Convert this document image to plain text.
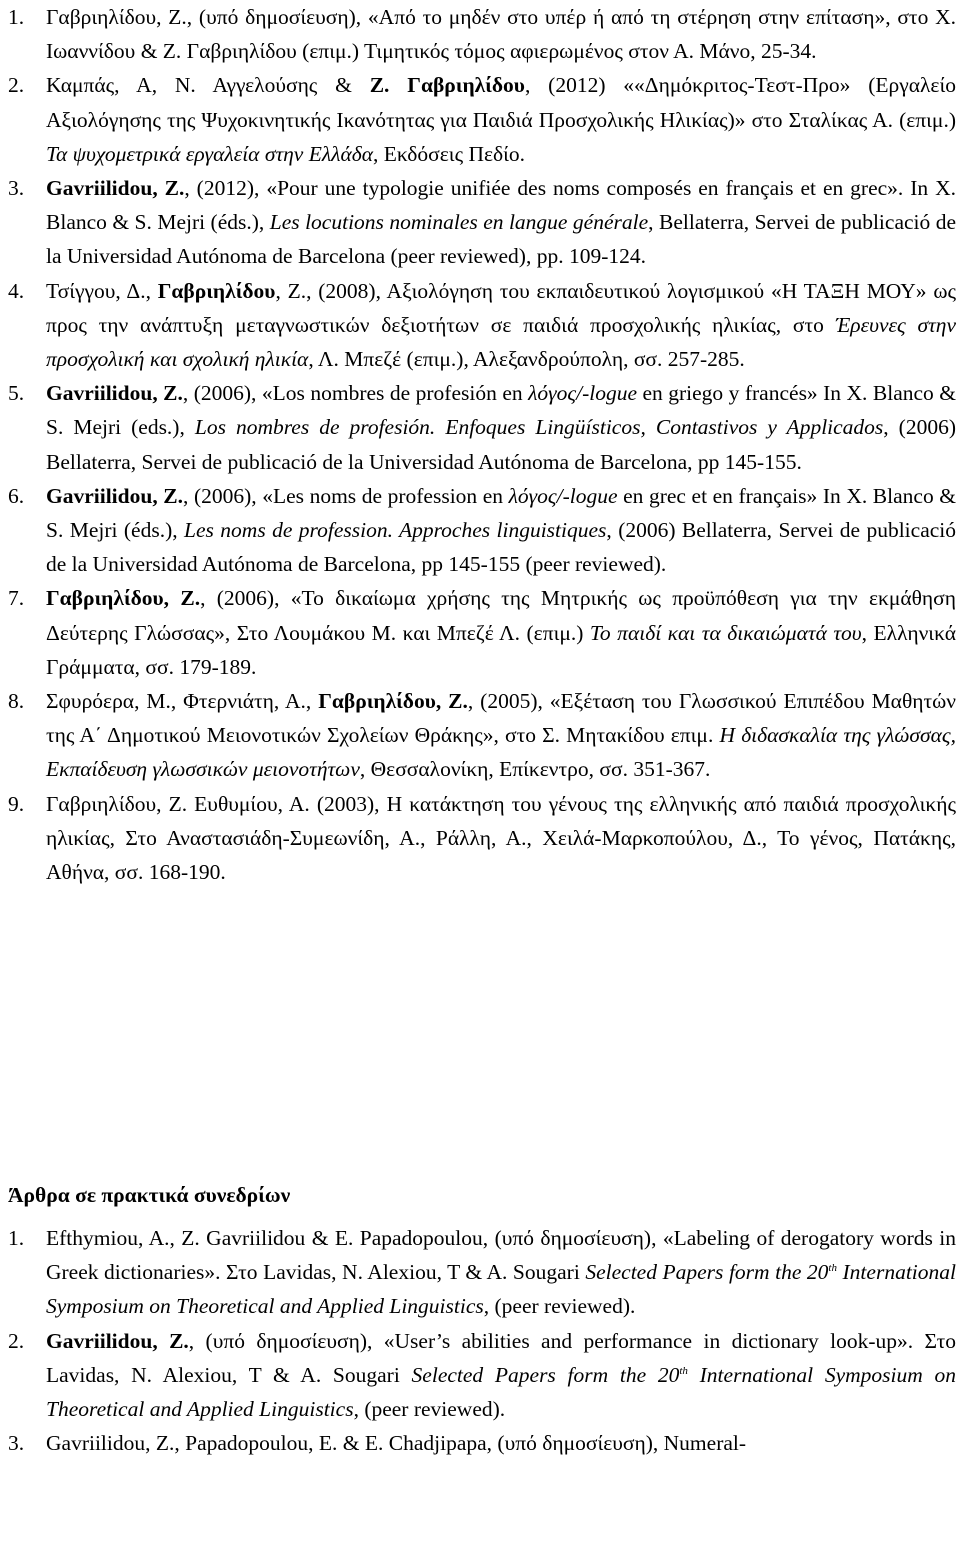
1. Γαβριηλίδου, Ζ., (υπό δημοσίευση), «Από το μηδέν στο υπέρ ή από τη στέρηση στην επίταση», στο Χ. Ιωαννίδου & Ζ. Γαβριηλίδου (επιμ.) Τιμητικός τόμος αφιερωμένος στον Α. Μάνο, 25-34.
2. Καμπάς, Α, Ν. Αγγελούσης & Ζ. Γαβριηλίδου, (2012) ««Δημόκριτος-Τεστ-Προ» (Εργαλείο Αξιολόγησης της Ψυχοκινητικής Ικανότητας για Παιδιά Προσχολικής Ηλικίας)» στο Σταλίκας Α. (επιμ.) Τα ψυχομετρικά εργαλεία στην Ελλάδα, Εκδόσεις Πεδίο.
3. Gavriilidou, Z., (2012), «Pour une typologie unifiée des noms composés en français et en grec». In X. Blanco & S. Mejri (éds.), Les locutions nominales en langue générale, Bellaterra, Servei de publicació de la Universidad Autónoma de Barcelona (peer reviewed), pp. 109-124.
4. Τσίγγου, Δ., Γαβριηλίδου, Ζ., (2008), Αξιολόγηση του εκπαιδευτικού λογισμικού «Η ΤΑΞΗ ΜΟΥ» ως προς την ανάπτυξη μεταγνωστικών δεξιοτήτων σε παιδιά προσχολικής ηλικίας, στο Έρευνες στην προσχολική και σχολική ηλικία, Λ. Μπεζέ (επιμ.), Αλεξανδρούπολη, σσ. 257-285.
5. Gavriilidou, Z., (2006), «Los nombres de profesión en λόγος/-logue en griego y francés» In X. Blanco & S. Mejri (eds.), Los nombres de profesión. Enfoques Lingüísticos, Contastivos y Applicados, (2006) Bellaterra, Servei de publicació de la Universidad Autónoma de Barcelona, pp 145-155.
6. Gavriilidou, Z., (2006), «Les noms de profession en λόγος/-logue en grec et en français» In X. Blanco & S. Mejri (éds.), Les noms de profession. Approches linguistiques, (2006) Bellaterra, Servei de publicació de la Universidad Autónoma de Barcelona, pp 145-155 (peer reviewed).
7. Γαβριηλίδου, Ζ., (2006), «Το δικαίωμα χρήσης της Μητρικής ως προϋπόθεση για την εκμάθηση Δεύτερης Γλώσσας», Στο Λουμάκου Μ. και Μπεζέ Λ. (επιμ.) Το παιδί και τα δικαιώματά του, Ελληνικά Γράμματα, σσ. 179-189.
8. Σφυρόερα, Μ., Φτερνιάτη, Α., Γαβριηλίδου, Ζ., (2005), «Εξέταση του Γλωσσικού Επιπέδου Μαθητών της Α΄ Δημοτικού Μειονοτικών Σχολείων Θράκης», στο Σ. Μητακίδου επιμ. Η διδασκαλία της γλώσσας, Εκπαίδευση γλωσσικών μειονοτήτων, Θεσσαλονίκη, Επίκεντρο, σσ. 351-367.
9. Γαβριηλίδου, Ζ. Ευθυμίου, Α. (2003), Η κατάκτηση του γένους της ελληνικής από παιδιά προσχολικής ηλικίας, Στο Αναστασιάδη-Συμεωνίδη, Α., Ράλλη, Α., Χειλά-Μαρκοπούλου, Δ., Το γένος, Πατάκης, Αθήνα, σσ. 168-190.
Άρθρα σε πρακτικά συνεδρίων
1. Efthymiou, A., Z. Gavriilidou & E. Papadopoulou, (υπό δημοσίευση), «Labeling of derogatory words in Greek dictionaries». Στο Lavidas, N. Alexiou, T & A. Sougari Selected Papers form the 20th International Symposium on Theoretical and Applied Linguistics, (peer reviewed).
2. Gavriilidou, Z., (υπό δημοσίευση), «User’s abilities and performance in dictionary look-up». Στο Lavidas, N. Alexiou, T & A. Sougari Selected Papers form the 20th International Symposium on Theoretical and Applied Linguistics, (peer reviewed).
3. Gavriilidou, Z., Papadopoulou, E. & E. Chadjipapa, (υπό δημοσίευση), Numeral-
